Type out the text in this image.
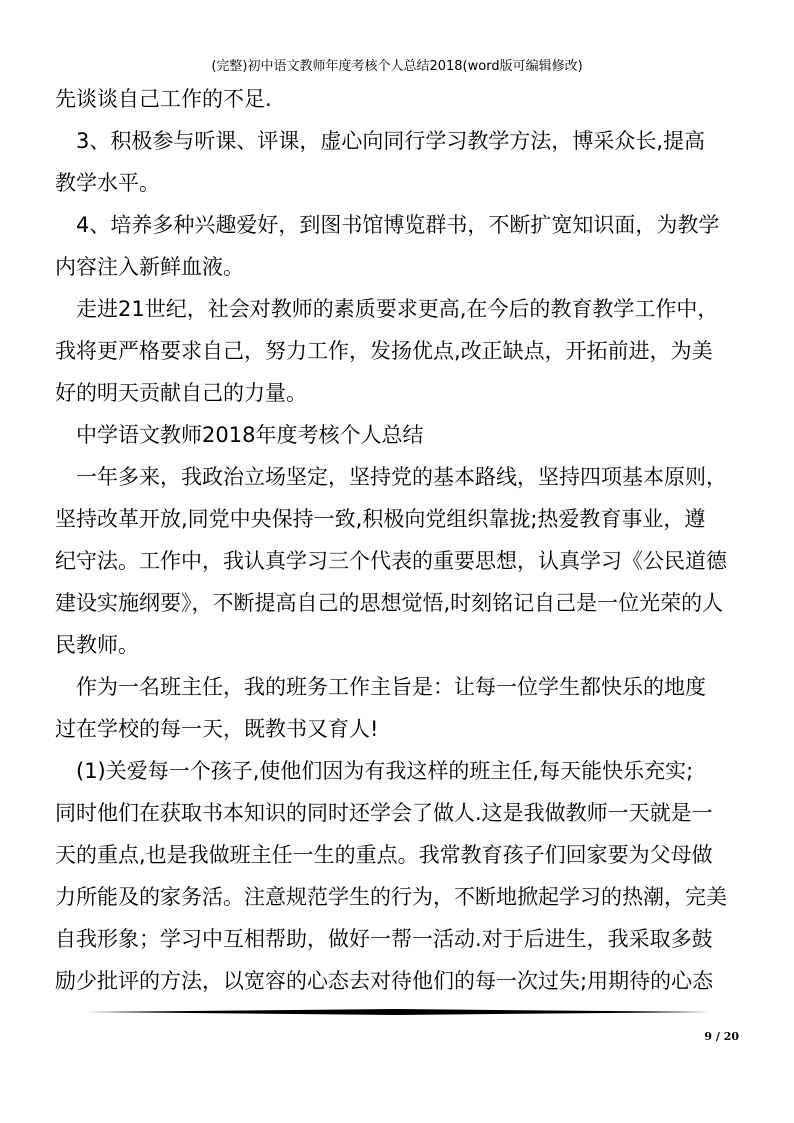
(完整)初中语文教师年度考核个人总结2018(word版可编辑修改)

先谈谈自己工作的不足.

　3、积极参与听课、评课，虚心向同行学习教学方法，博采众长,提高

教学水平。

　4、培养多种兴趣爱好，到图书馆博览群书，不断扩宽知识面，为教学

内容注入新鲜血液。

　走进21世纪，社会对教师的素质要求更高,在今后的教育教学工作中，

我将更严格要求自己，努力工作，发扬优点,改正缺点，开拓前进，为美

好的明天贡献自己的力量。

　中学语文教师2018年度考核个人总结

　一年多来，我政治立场坚定，坚持党的基本路线，坚持四项基本原则，

坚持改革开放,同党中央保持一致,积极向党组织靠拢;热爱教育事业，遵

纪守法。工作中，我认真学习三个代表的重要思想，认真学习《公民道德

建设实施纲要》，不断提高自己的思想觉悟,时刻铭记自己是一位光荣的人

民教师。

　作为一名班主任，我的班务工作主旨是：让每一位学生都快乐的地度

过在学校的每一天，既教书又育人!

　(1)关爱每一个孩子,使他们因为有我这样的班主任,每天能快乐充实;

同时他们在获取书本知识的同时还学会了做人.这是我做教师一天就是一

天的重点,也是我做班主任一生的重点。我常教育孩子们回家要为父母做

力所能及的家务活。注意规范学生的行为，不断地掀起学习的热潮，完美

自我形象；学习中互相帮助，做好一帮一活动.对于后进生，我采取多鼓

励少批评的方法，以宽容的心态去对待他们的每一次过失;用期待的心态

9 / 20
